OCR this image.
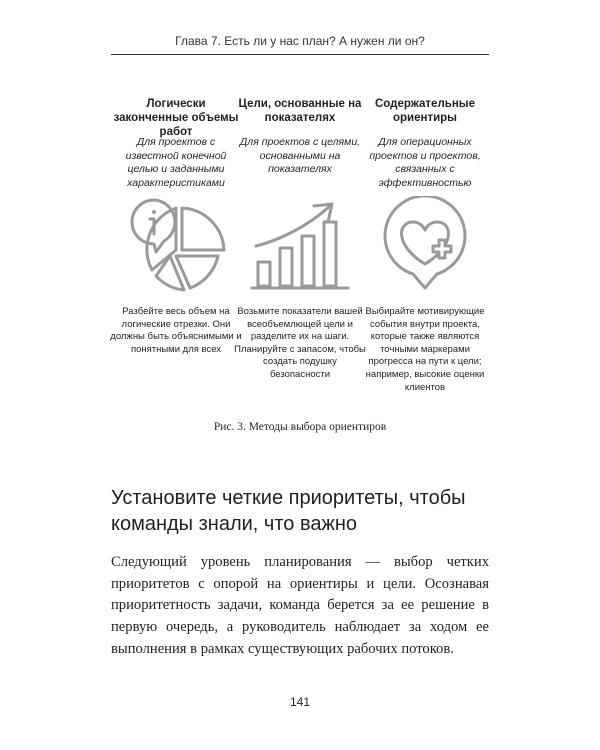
Глава 7. Есть ли у нас план? А нужен ли он?
Логически законченные объемы работ
Для проектов с известной конечной целью и заданными характеристиками
Разбейте весь объем на логические отрезки. Они должны быть объяснимыми и понятными для всех
Цели, основанные на показателях
Для проектов с целями, основанными на показателях
Возьмите показатели вашей всеобъемлющей цели и разделите их на шаги. Планируйте с запасом, чтобы создать подушку безопасности
Содержательные ориентиры
Для операционных проектов и проектов, связанных с эффективностью
Выбирайте мотивирующие события внутри проекта, которые также являются точными маркерами прогресса на пути к цели; например, высокие оценки клиентов
Рис. 3. Методы выбора ориентиров
Установите четкие приоритеты, чтобы команды знали, что важно

Следующий уровень планирования — выбор четких приоритетов с опорой на ориентиры и цели. Осознавая приоритетность задачи, команда берется за ее решение в первую очередь, а руководитель наблюдает за ходом ее выполнения в рамках существующих рабочих потоков.

141
